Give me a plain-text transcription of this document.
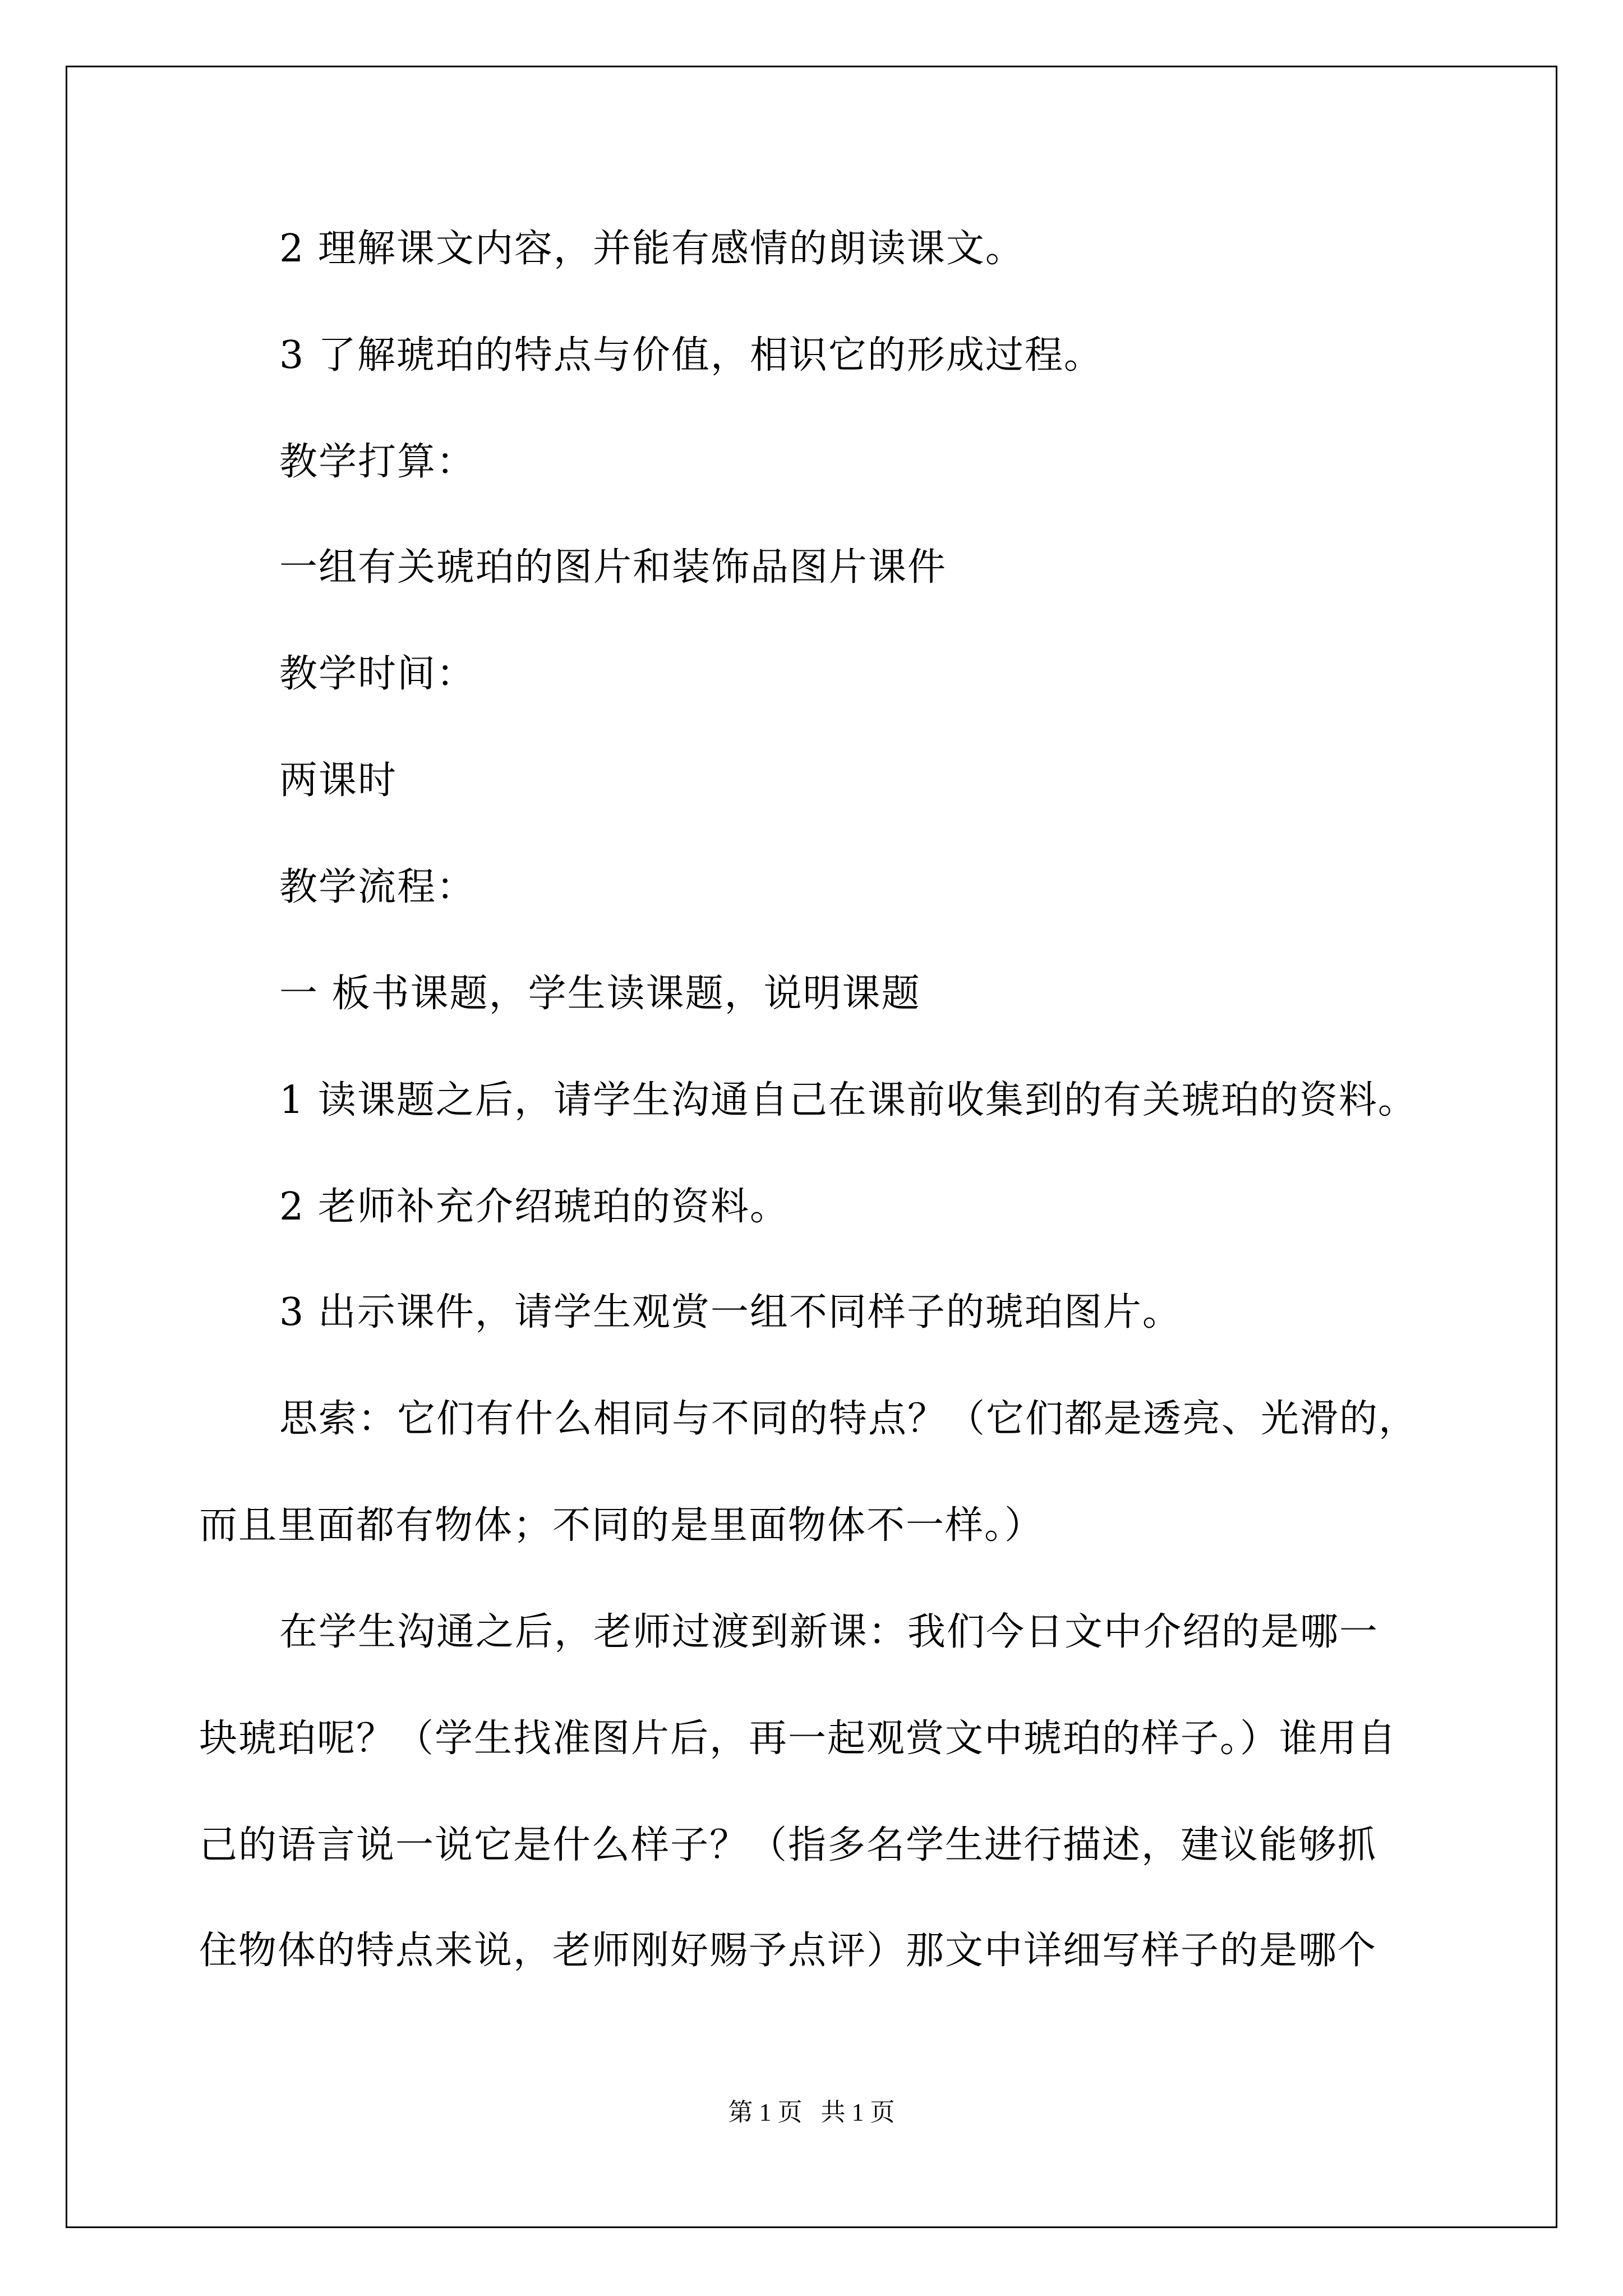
2 理解课文内容，并能有感情的朗读课文。
3 了解琥珀的特点与价值，相识它的形成过程。
教学打算：
一组有关琥珀的图片和装饰品图片课件
教学时间：
两课时
教学流程：
一 板书课题，学生读课题，说明课题
1 读课题之后，请学生沟通自己在课前收集到的有关琥珀的资料。
2 老师补充介绍琥珀的资料。
3 出示课件，请学生观赏一组不同样子的琥珀图片。
思索：它们有什么相同与不同的特点？（它们都是透亮、光滑的，
而且里面都有物体；不同的是里面物体不一样。）
在学生沟通之后，老师过渡到新课：我们今日文中介绍的是哪一
块琥珀呢？（学生找准图片后，再一起观赏文中琥珀的样子。）谁用自
己的语言说一说它是什么样子？（指多名学生进行描述，建议能够抓
住物体的特点来说，老师刚好赐予点评）那文中详细写样子的是哪个
第 1 页   共 1 页
